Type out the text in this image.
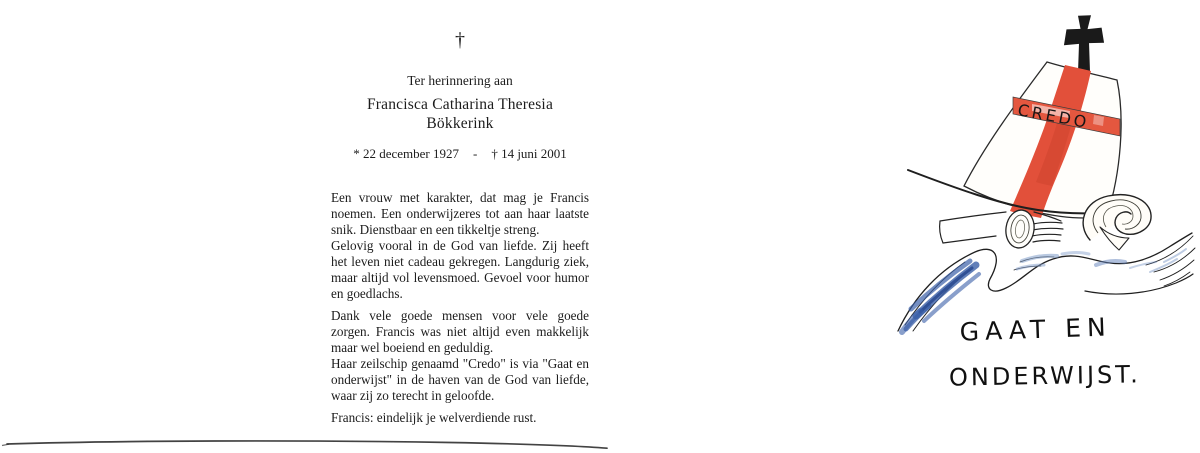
†
Ter herinnering aan
Francisca Catharina Theresia
Bökkerink
* 22 december 1927 - † 14 juni 2001

Een vrouw met karakter, dat mag je Francis noemen. Een onderwijzeres tot aan haar laatste snik. Dienstbaar en een tikkeltje streng.

Gelovig vooral in de God van liefde. Zij heeft het leven niet cadeau gekregen. Langdurig ziek, maar altijd vol levensmoed. Gevoel voor humor en goedlachs.

Dank vele goede mensen voor vele goede zorgen. Francis was niet altijd even makkelijk maar wel boeiend en geduldig.

Haar zeilschip genaamd "Credo" is via "Gaat en onderwijst" in de haven van de God van liefde, waar zij zo terecht in geloofde.

Francis: eindelijk je welverdiende rust.

CREDO
GAAT EN
ONDERWIJST.
